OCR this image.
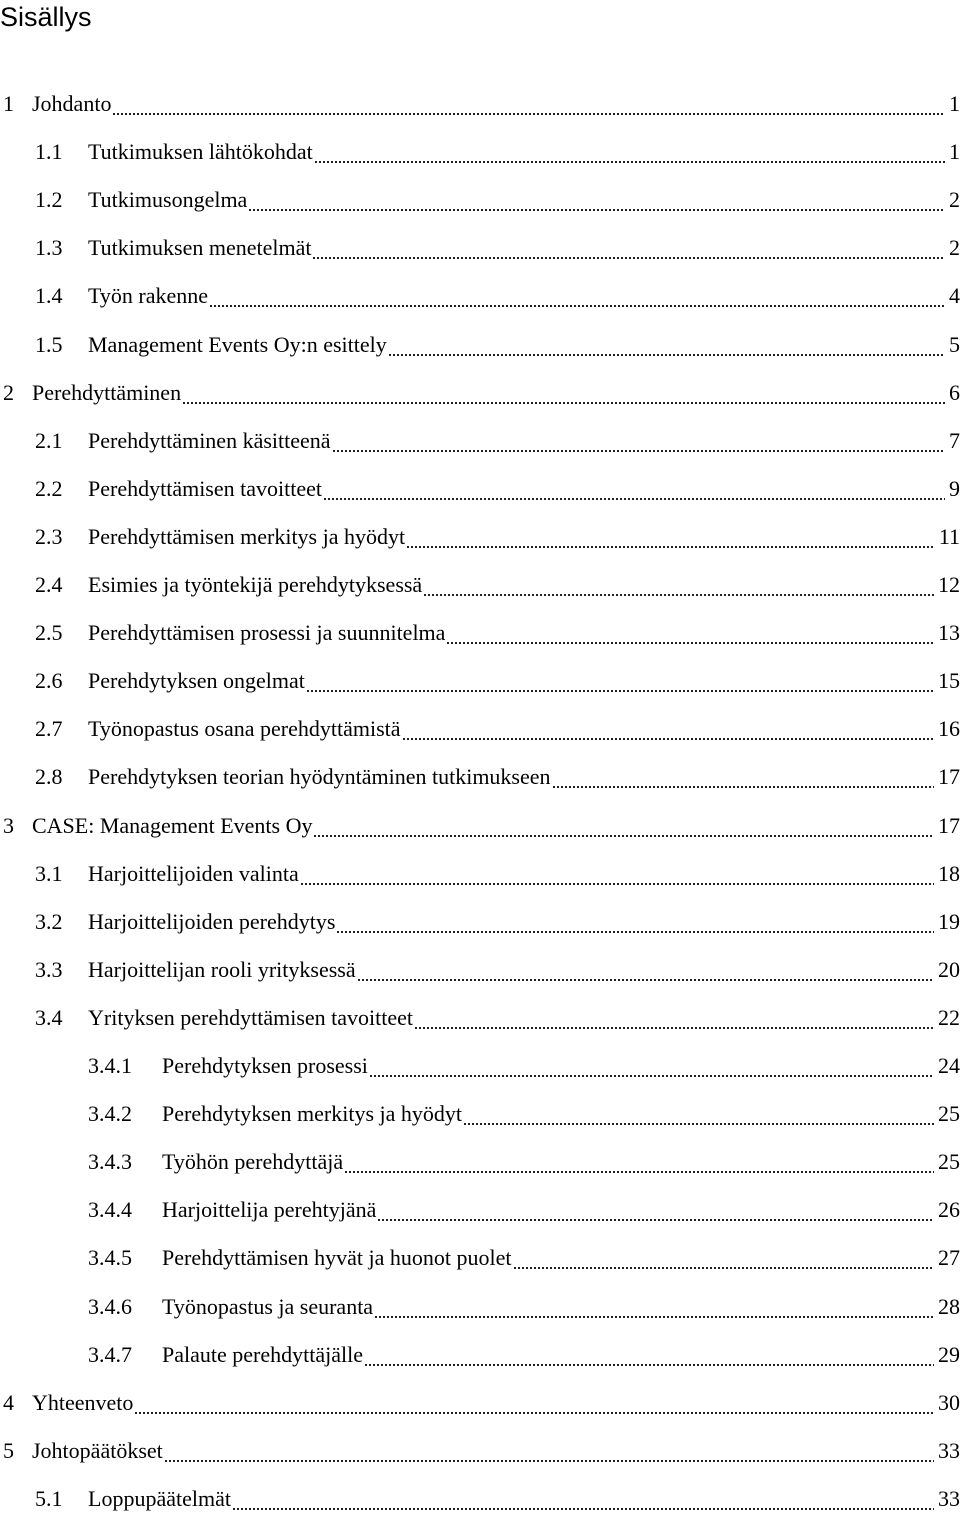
Sisällys
1 Johdanto	1
1.1 Tutkimuksen lähtökohdat	1
1.2 Tutkimusongelma	2
1.3 Tutkimuksen menetelmät	2
1.4 Työn rakenne	4
1.5 Management Events Oy:n esittely	5
2 Perehdyttäminen	6
2.1 Perehdyttäminen käsitteenä	7
2.2 Perehdyttämisen tavoitteet	9
2.3 Perehdyttämisen merkitys ja hyödyt	11
2.4 Esimies ja työntekijä perehdytyksessä	12
2.5 Perehdyttämisen prosessi ja suunnitelma	13
2.6 Perehdytyksen ongelmat	15
2.7 Työnopastus osana perehdyttämistä	16
2.8 Perehdytyksen teorian hyödyntäminen tutkimukseen	17
3 CASE: Management Events Oy	17
3.1 Harjoittelijoiden valinta	18
3.2 Harjoittelijoiden perehdytys	19
3.3 Harjoittelijan rooli yrityksessä	20
3.4 Yrityksen perehdyttämisen tavoitteet	22
3.4.1 Perehdytyksen prosessi	24
3.4.2 Perehdytyksen merkitys ja hyödyt	25
3.4.3 Työhön perehdyttäjä	25
3.4.4 Harjoittelija perehtyjänä	26
3.4.5 Perehdyttämisen hyvät ja huonot puolet	27
3.4.6 Työnopastus ja seuranta	28
3.4.7 Palaute perehdyttäjälle	29
4 Yhteenveto	30
5 Johtopäätökset	33
5.1 Loppupäätelmät	33
